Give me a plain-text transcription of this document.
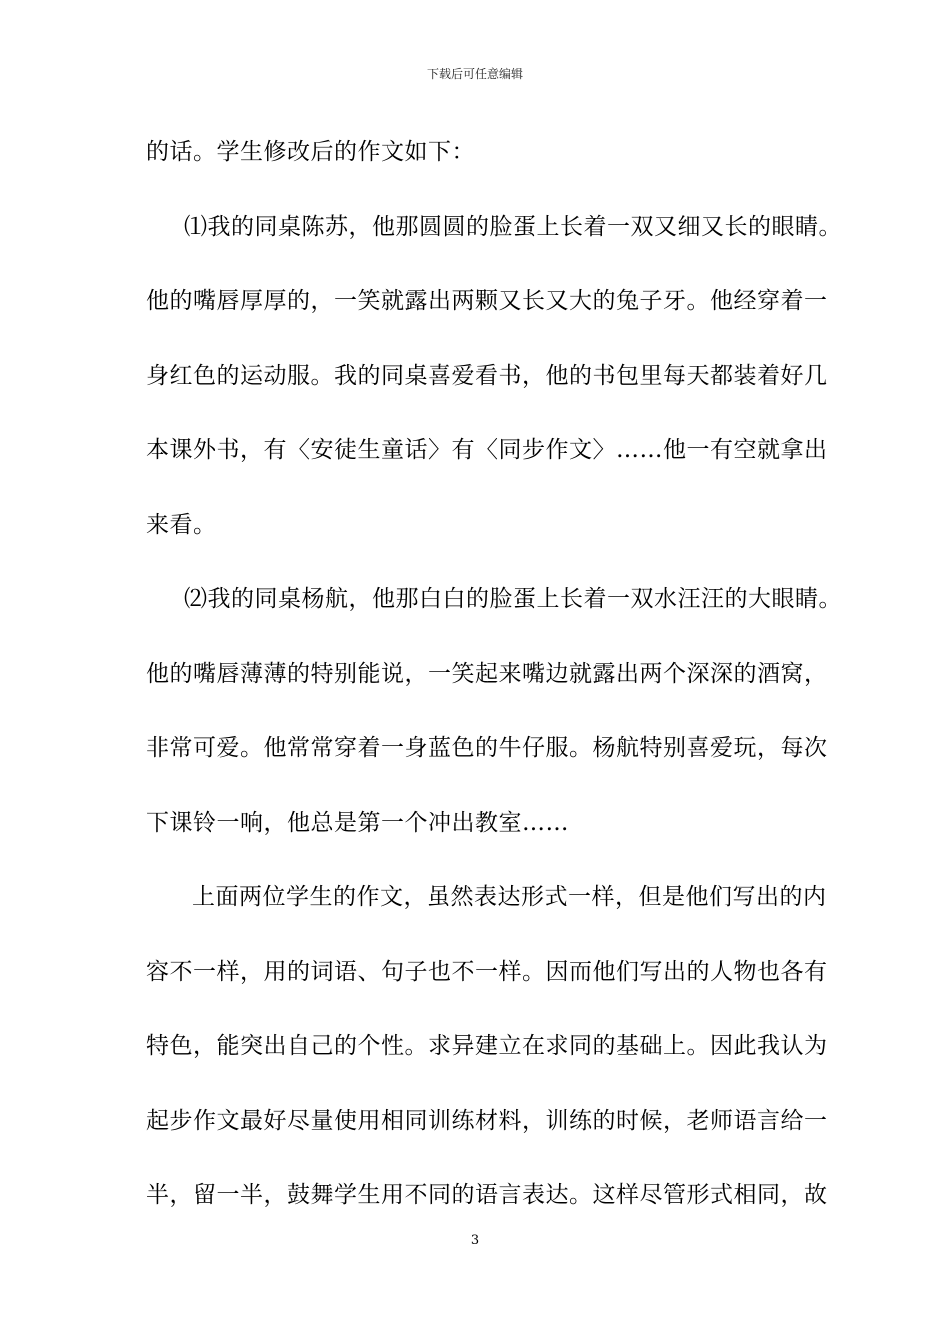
下载后可任意编辑
的话。学生修改后的作文如下：
⑴我的同桌陈苏，他那圆圆的脸蛋上长着一双又细又长的眼睛。
他的嘴唇厚厚的，一笑就露出两颗又长又大的兔子牙。他经穿着一
身红色的运动服。我的同桌喜爱看书，他的书包里每天都装着好几
本课外书，有〈安徒生童话〉有〈同步作文〉……他一有空就拿出
来看。
⑵我的同桌杨航，他那白白的脸蛋上长着一双水汪汪的大眼睛。
他的嘴唇薄薄的特别能说，一笑起来嘴边就露出两个深深的酒窝，
非常可爱。他常常穿着一身蓝色的牛仔服。杨航特别喜爱玩，每次
下课铃一响，他总是第一个冲出教室……
上面两位学生的作文，虽然表达形式一样，但是他们写出的内
容不一样，用的词语、句子也不一样。因而他们写出的人物也各有
特色，能突出自己的个性。求异建立在求同的基础上。因此我认为
起步作文最好尽量使用相同训练材料，训练的时候，老师语言给一
半，留一半，鼓舞学生用不同的语言表达。这样尽管形式相同，故
3
